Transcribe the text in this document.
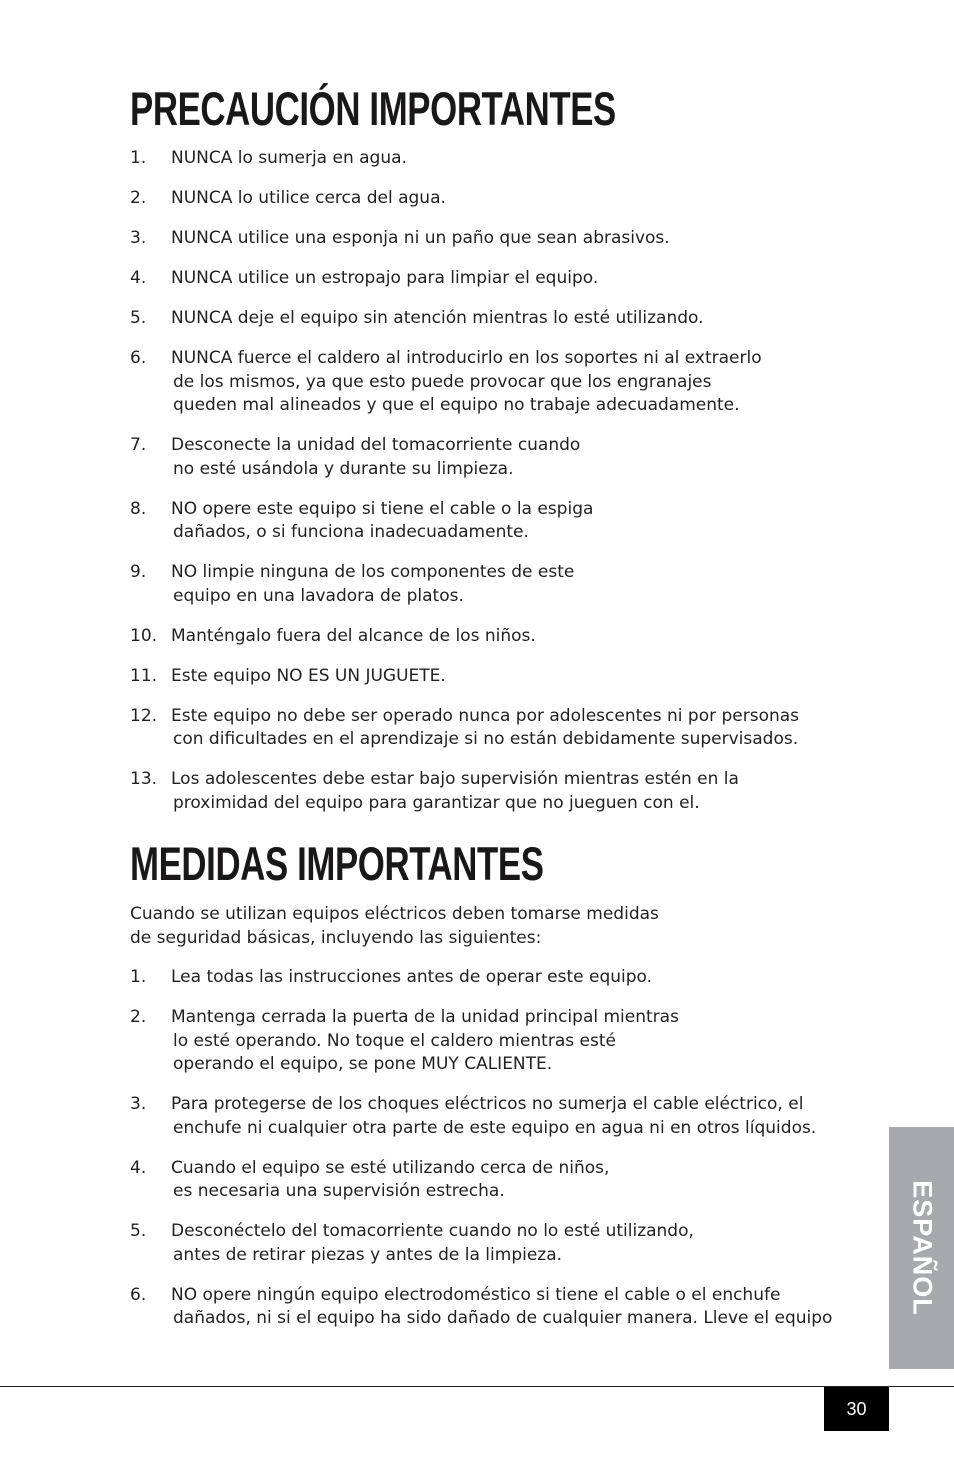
PRECAUCIÓN IMPORTANTES
1. NUNCA lo sumerja en agua.
2. NUNCA lo utilice cerca del agua.
3. NUNCA utilice una esponja ni un paño que sean abrasivos.
4. NUNCA utilice un estropajo para limpiar el equipo.
5. NUNCA deje el equipo sin atención mientras lo esté utilizando.
6. NUNCA fuerce el caldero al introducirlo en los soportes ni al extraerlo
de los mismos, ya que esto puede provocar que los engranajes
queden mal alineados y que el equipo no trabaje adecuadamente.
7. Desconecte la unidad del tomacorriente cuando
no esté usándola y durante su limpieza.
8. NO opere este equipo si tiene el cable o la espiga
dañados, o si funciona inadecuadamente.
9. NO limpie ninguna de los componentes de este
equipo en una lavadora de platos.
10. Manténgalo fuera del alcance de los niños.
11. Este equipo NO ES UN JUGUETE.
12. Este equipo no debe ser operado nunca por adolescentes ni por personas
con dificultades en el aprendizaje si no están debidamente supervisados.
13. Los adolescentes debe estar bajo supervisión mientras estén en la
proximidad del equipo para garantizar que no jueguen con el.
MEDIDAS IMPORTANTES

Cuando se utilizan equipos eléctricos deben tomarse medidas
de seguridad básicas, incluyendo las siguientes:

1. Lea todas las instrucciones antes de operar este equipo.
2. Mantenga cerrada la puerta de la unidad principal mientras
lo esté operando. No toque el caldero mientras esté
operando el equipo, se pone MUY CALIENTE.
3. Para protegerse de los choques eléctricos no sumerja el cable eléctrico, el
enchufe ni cualquier otra parte de este equipo en agua ni en otros líquidos.
4. Cuando el equipo se esté utilizando cerca de niños,
es necesaria una supervisión estrecha.
5. Desconéctelo del tomacorriente cuando no lo esté utilizando,
antes de retirar piezas y antes de la limpieza.
6. NO opere ningún equipo electrodoméstico si tiene el cable o el enchufe
dañados, ni si el equipo ha sido dañado de cualquier manera. Lleve el equipo
ESPAÑOL
30
